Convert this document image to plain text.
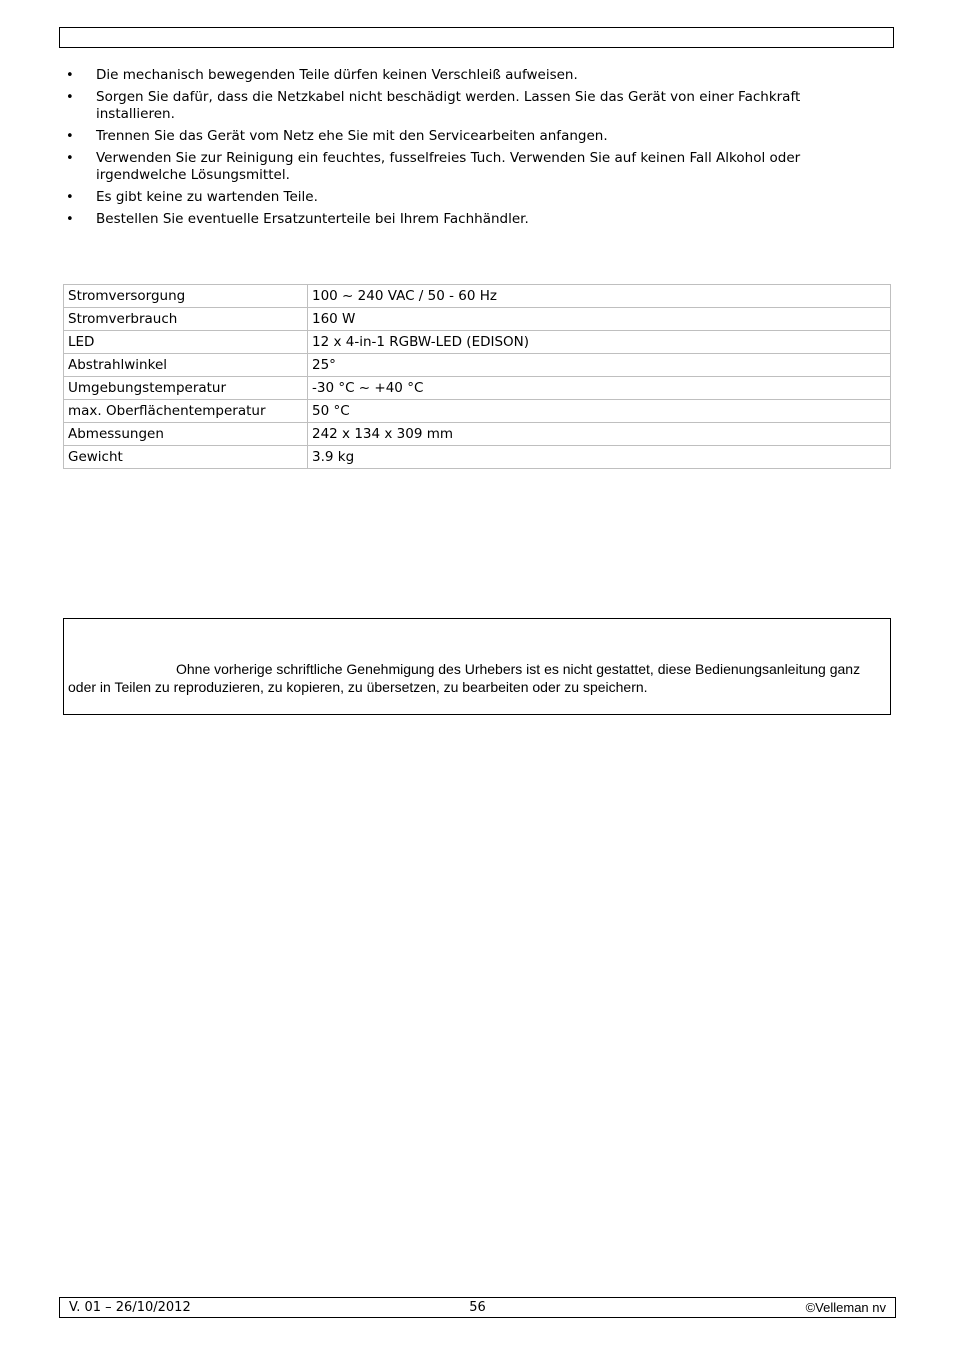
• Die mechanisch bewegenden Teile dürfen keinen Verschleiß aufweisen.
• Sorgen Sie dafür, dass die Netzkabel nicht beschädigt werden. Lassen Sie das Gerät von einer Fachkraft installieren.
• Trennen Sie das Gerät vom Netz ehe Sie mit den Servicearbeiten anfangen.
• Verwenden Sie zur Reinigung ein feuchtes, fusselfreies Tuch. Verwenden Sie auf keinen Fall Alkohol oder irgendwelche Lösungsmittel.
• Es gibt keine zu wartenden Teile.
• Bestellen Sie eventuelle Ersatzunterteile bei Ihrem Fachhändler.
Stromversorgung	100 ~ 240 VAC / 50 - 60 Hz
Stromverbrauch	160 W
LED	12 x 4-in-1 RGBW-LED (EDISON)
Abstrahlwinkel	25°
Umgebungstemperatur	-30 °C ~ +40 °C
max. Oberflächentemperatur	50 °C
Abmessungen	242 x 134 x 309 mm
Gewicht	3.9 kg
Ohne vorherige schriftliche Genehmigung des Urhebers ist es nicht gestattet, diese Bedienungsanleitung ganz oder in Teilen zu reproduzieren, zu kopieren, zu übersetzen, zu bearbeiten oder zu speichern.
V. 01 – 26/10/2012	56	©Velleman nv
